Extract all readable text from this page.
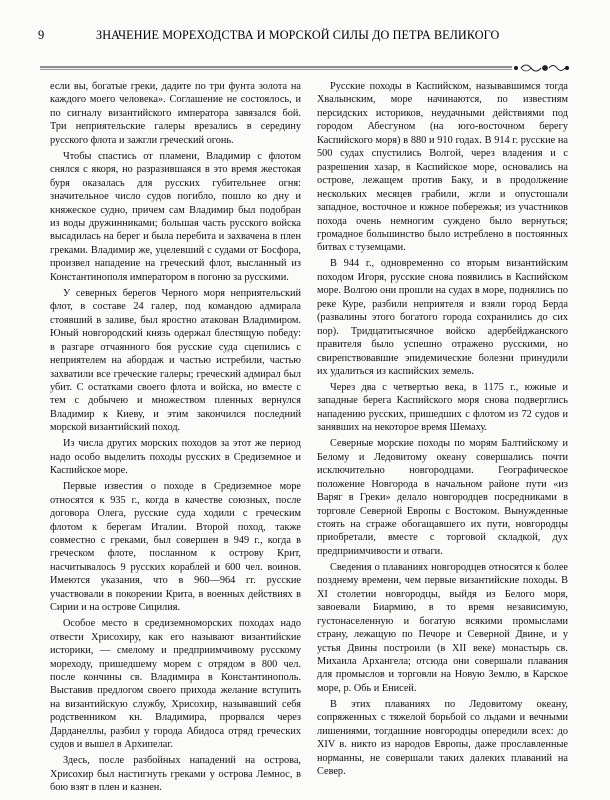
9	ЗНАЧЕНИЕ МОРЕХОДСТВА И МОРСКОЙ СИЛЫ ДО ПЕТРА ВЕЛИКОГО

если вы, богатые греки, дадите по три фунта золота на каждого моего человека». Соглашение не состоялось, и по сигналу византийского императора завязался бой. Три неприятельские галеры врезались в середину русского флота и зажгли греческий огонь.

Чтобы спастись от пламени, Владимир с флотом снялся с якоря, но разразившаяся в это время жестокая буря оказалась для русских губительнее огня: значительное число судов погибло, пошло ко дну и княжеское судно, причем сам Владимир был подобран из воды дружинниками; большая часть русского войска высадилась на берег и была перебита и захвачена в плен греками. Владимир же, уцелевший с судами от Босфора, произвел нападение на греческий флот, высланный из Константинополя императором в погоню за русскими.

У северных берегов Черного моря неприятельский флот, в составе 24 галер, под командою адмирала стоявший в заливе, был яростно атакован Владимиром. Юный новгородский князь одержал блестящую победу: в разгаре отчаянного боя русские суда сцепились с неприятелем на абордаж и частью истребили, частью захватили все греческие галеры; греческий адмирал был убит. С остатками своего флота и войска, но вместе с тем с добычею и множеством пленных вернулся Владимир к Киеву, и этим закончился последний морской византийский поход.

Из числа других морских походов за этот же период надо особо выделить походы русских в Средиземное и Каспийское море.

Первые известия о походе в Средиземное море относятся к 935 г., когда в качестве союзных, после договора Олега, русские суда ходили с греческим флотом к берегам Италии. Второй поход, также совместно с греками, был совершен в 949 г., когда в греческом флоте, посланном к острову Крит, насчитывалось 9 русских кораблей и 600 чел. воинов. Имеются указания, что в 960—964 гг. русские участвовали в покорении Крита, в военных действиях в Сирии и на острове Сицилия.

Особое место в средиземноморских походах надо отвести Хрисохиру, как его называют византийские историки, — смелому и предприимчивому русскому мореходу, пришедшему морем с отрядом в 800 чел. после кончины св. Владимира в Константинополь. Выставив предлогом своего прихода желание вступить на византийскую службу, Хрисохир, называвший себя родственником кн. Владимира, прорвался через Дарданеллы, разбил у города Абидоса отряд греческих судов и вышел в Архипелаг.

Здесь, после разбойных нападений на острова, Хрисохир был настигнуть греками у острова Лемнос, в бою взят в плен и казнен.

Русские походы в Каспийском, называвшимся тогда Хвалынским, море начинаются, по известиям персидских историков, неудачными действиями под городом Абесгуном (на юго-восточном берегу Каспийского моря) в 880 и 910 годах. В 914 г. русские на 500 судах спустились Волгой, через владения и с разрешения хазар, в Каспийское море, основались на острове, лежащем против Баку, и в продолжение нескольких месяцев грабили, жгли и опустошали западное, восточное и южное побережья; из участников похода очень немногим суждено было вернуться; громадное большинство было истреблено в постоянных битвах с туземцами.

В 944 г., одновременно со вторым византийским походом Игоря, русские снова появились в Каспийском море. Волгою они прошли на судах в море, поднялись по реке Куре, разбили неприятеля и взяли город Берда (развалины этого богатого города сохранились до сих пор). Тридцатитысячное войско адербейджанского правителя было успешно отражено русскими, но свирепствовавшие эпидемические болезни принудили их удалиться из каспийских земель.

Через два с четвертью века, в 1175 г., южные и западные берега Каспийского моря снова подверглись нападению русских, пришедших с флотом из 72 судов и занявших на некоторое время Шемаху.

Северные морские походы по морям Балтийскому и Белому и Ледовитому океану совершались почти исключительно новгородцами. Географическое положение Новгорода в начальном районе пути «из Варяг в Греки» делало новгородцев посредниками в торговле Северной Европы с Востоком. Вынужденные стоять на страже обогащавшего их пути, новгородцы приобретали, вместе с торговой складкой, дух предприимчивости и отваги.

Сведения о плаваниях новгородцев относятся к более позднему времени, чем первые византийские походы. В XI столетии новгородцы, выйдя из Белого моря, завоевали Биармию, в то время независимую, густонаселенную и богатую всякими промыслами страну, лежащую по Печоре и Северной Двине, и у устья Двины построили (в XII веке) монастырь св. Михаила Архангела; отсюда они совершали плавания для промыслов и торговли на Новую Землю, в Карское море, р. Обь и Енисей.

В этих плаваниях по Ледовитому океану, сопряженных с тяжелой борьбой со льдами и вечными лишениями, тогдашние новгородцы опередили всех: до XIV в. никто из народов Европы, даже прославленные норманны, не совершали таких далеких плаваний на Север.
